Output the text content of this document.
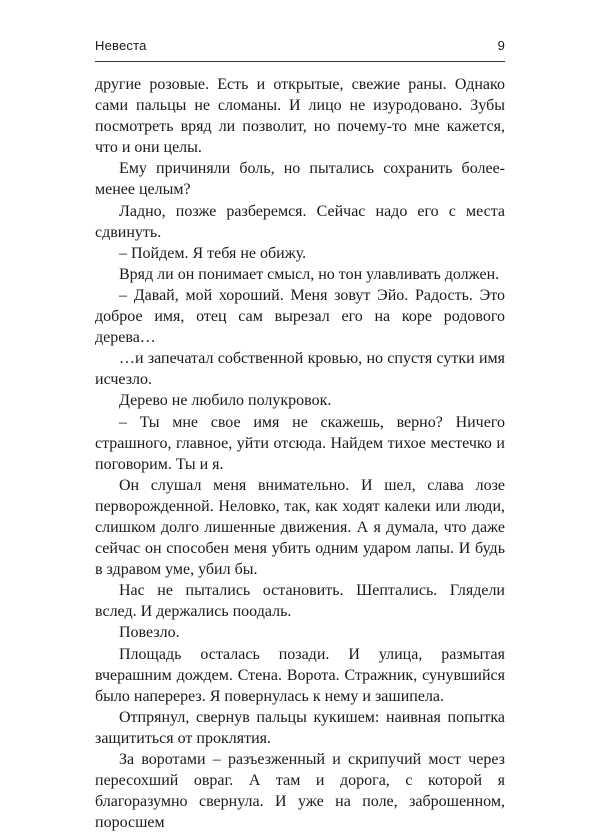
Невеста	9

другие розовые. Есть и открытые, свежие раны. Однако сами пальцы не сломаны. И лицо не изуродовано. Зубы посмотреть вряд ли позволит, но почему-то мне кажется, что и они целы.

Ему причиняли боль, но пытались сохранить более-менее целым?

Ладно, позже разберемся. Сейчас надо его с места сдвинуть.

– Пойдем. Я тебя не обижу.

Вряд ли он понимает смысл, но тон улавливать должен.

– Давай, мой хороший. Меня зовут Эйо. Радость. Это доброе имя, отец сам вырезал его на коре родового дерева…

…и запечатал собственной кровью, но спустя сутки имя исчезло.

Дерево не любило полукровок.

– Ты мне свое имя не скажешь, верно? Ничего страшного, главное, уйти отсюда. Найдем тихое местечко и поговорим. Ты и я.

Он слушал меня внимательно. И шел, слава лозе перворожденной. Неловко, так, как ходят калеки или люди, слишком долго лишенные движения. А я думала, что даже сейчас он способен меня убить одним ударом лапы. И будь в здравом уме, убил бы.

Нас не пытались остановить. Шептались. Глядели вслед. И держались поодаль.

Повезло.

Площадь осталась позади. И улица, размытая вчерашним дождем. Стена. Ворота. Стражник, сунувшийся было наперерез. Я повернулась к нему и зашипела.

Отпрянул, свернув пальцы кукишем: наивная попытка защититься от проклятия.

За воротами – разъезженный и скрипучий мост через пересохший овраг. А там и дорога, с которой я благоразумно свернула. И уже на поле, заброшенном, поросшем
